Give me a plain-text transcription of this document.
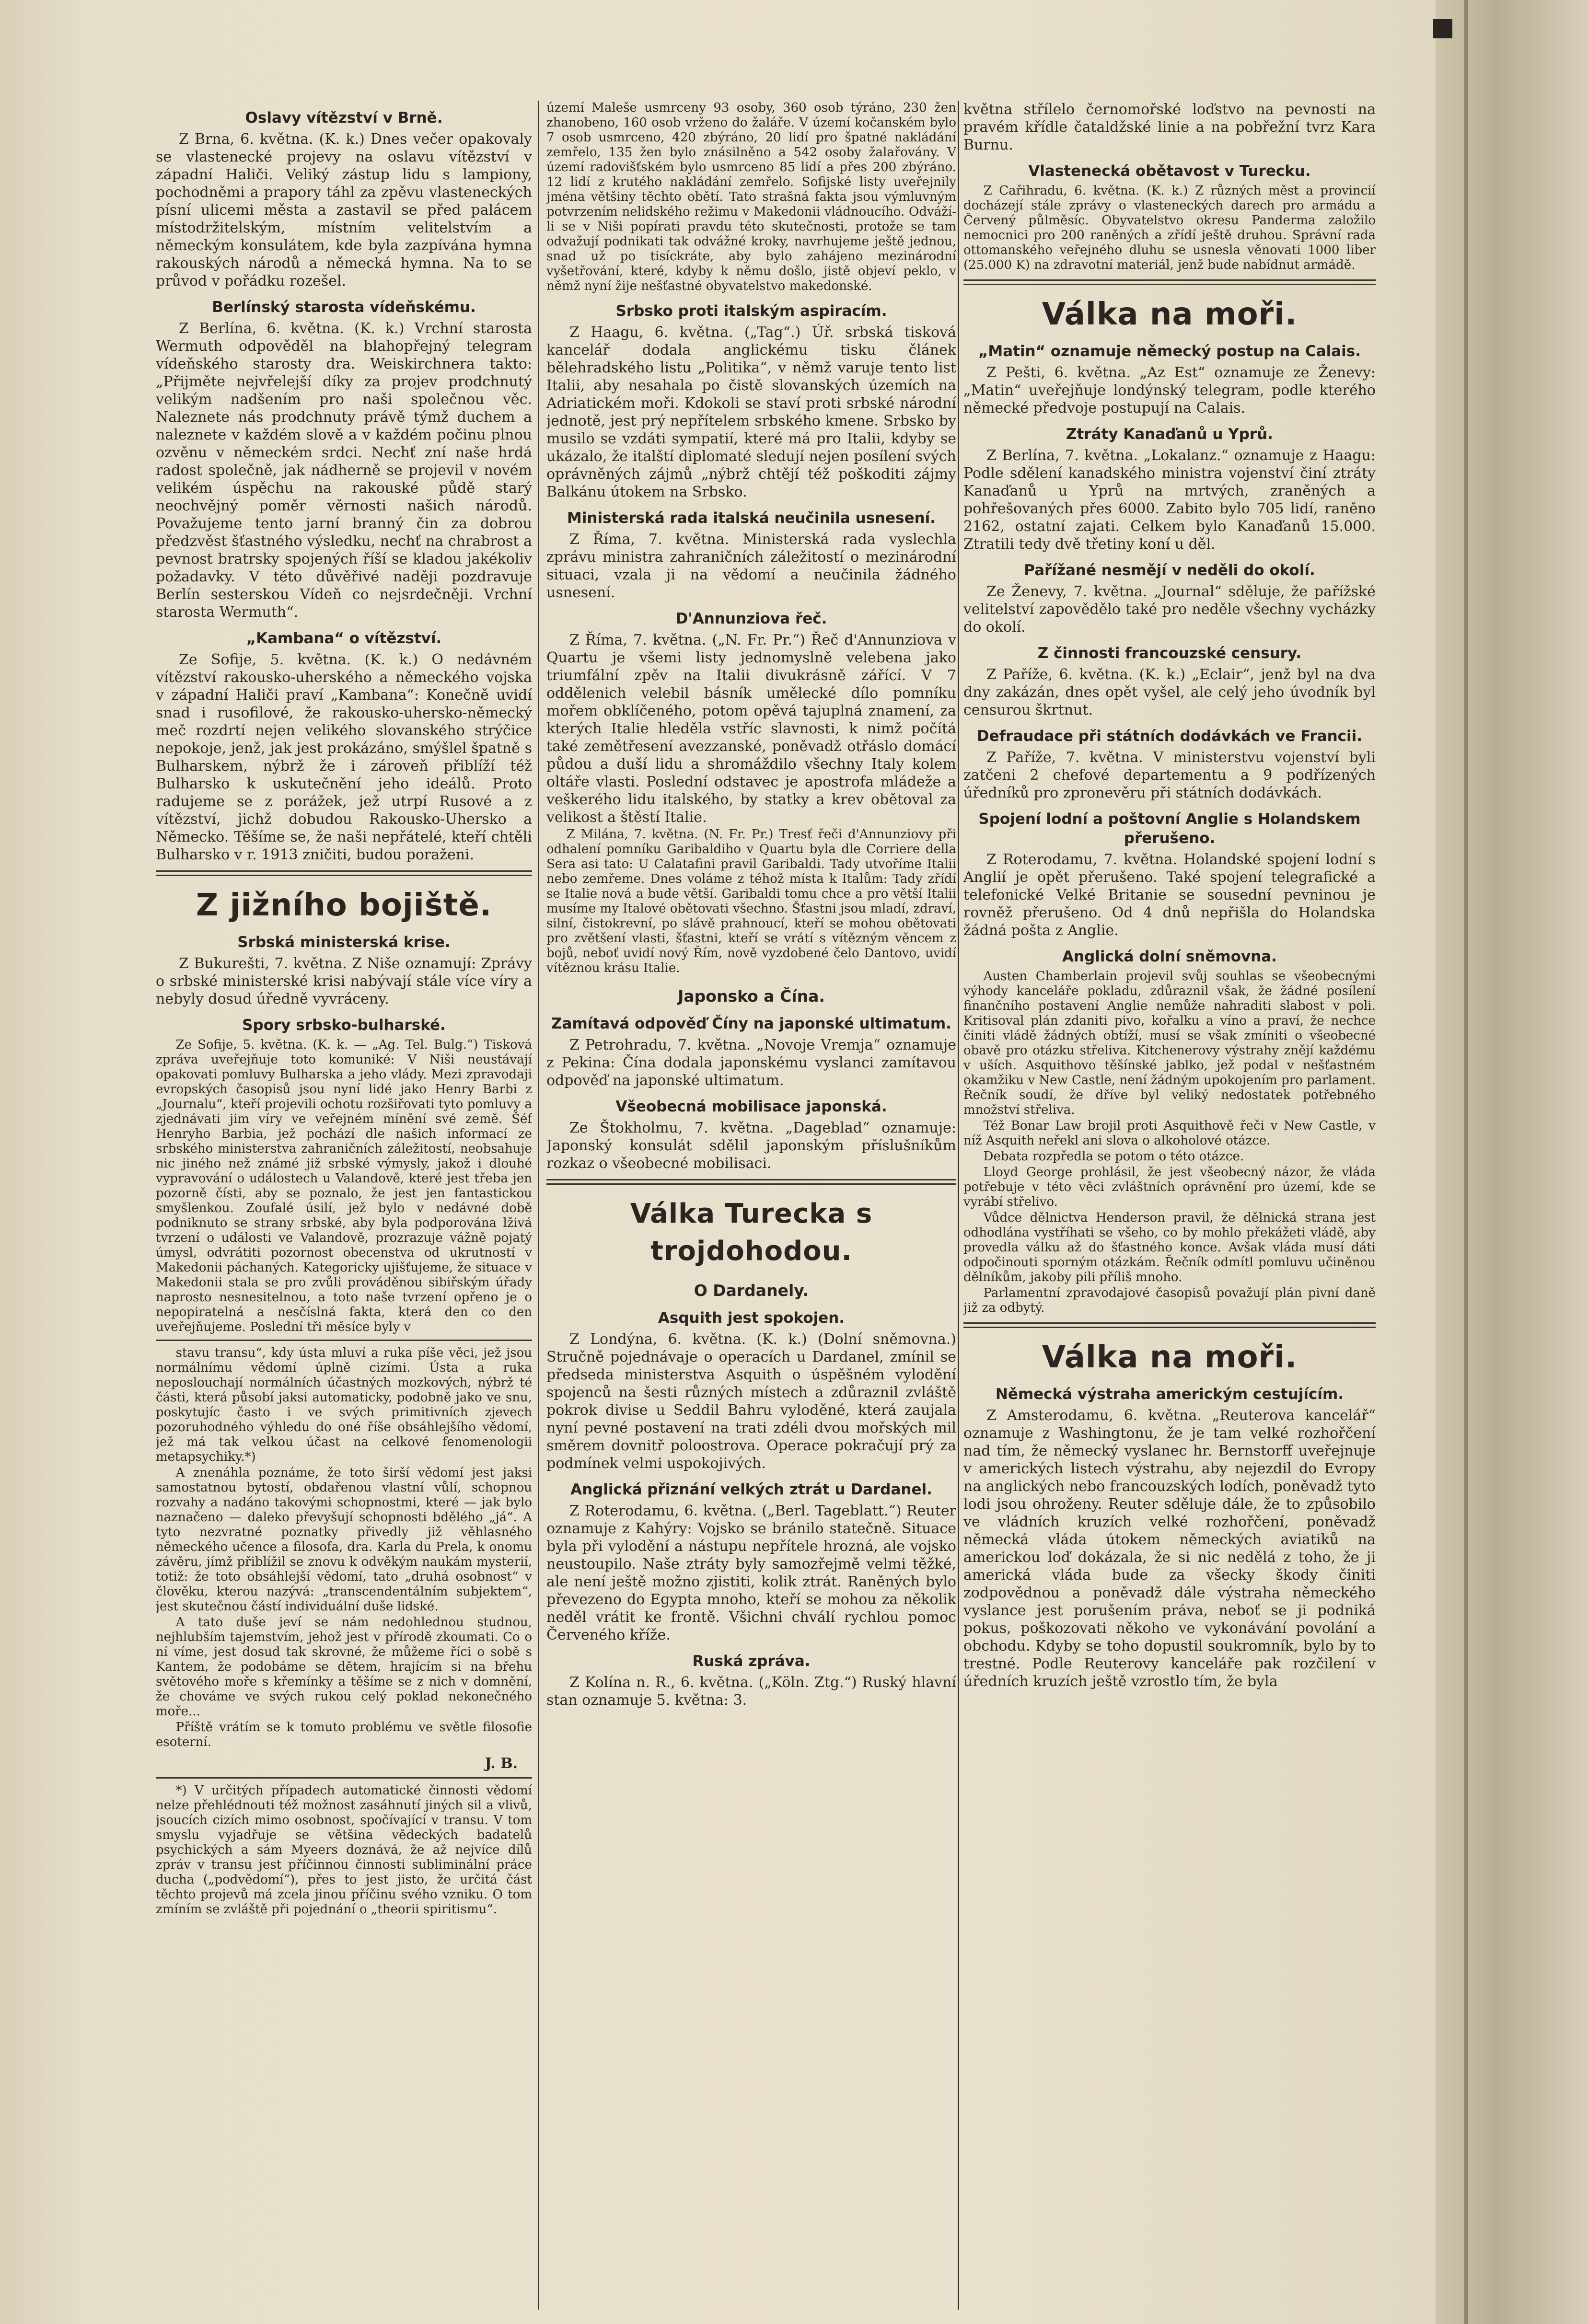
Oslavy vítězství v Brně.

Z Brna, 6. května. (K. k.) Dnes večer opakovaly se vlastenecké projevy na oslavu vítězství v západní Haliči. Veliký zástup lidu s lampiony, pochodněmi a prapory táhl za zpěvu vlasteneckých písní ulicemi města a zastavil se před palácem místodržitelským, místním velitelstvím a německým konsulátem, kde byla zazpívána hymna rakouských národů a německá hymna. Na to se průvod v pořádku rozešel.

Berlínský starosta vídeňskému.

Z Berlína, 6. května. (K. k.) Vrchní starosta Wermuth odpověděl na blahopřejný telegram vídeňského starosty dra. Weiskirchnera takto: „Přijměte nejvřelejší díky za projev prodchnutý velikým nadšením pro naši společnou věc. Naleznete nás prodchnuty právě týmž duchem a naleznete v každém slově a v každém počinu plnou ozvěnu v německém srdci. Nechť zní naše hrdá radost společně, jak nádherně se projevil v novém velikém úspěchu na rakouské půdě starý neochvějný poměr věrnosti našich národů. Považujeme tento jarní branný čin za dobrou předzvěst šťastného výsledku, nechť na chrabrost a pevnost bratrsky spojených říší se kladou jakékoliv požadavky. V této důvěřivé naději pozdravuje Berlín sesterskou Vídeň co nejsrdečněji. Vrchní starosta Wermuth“.

„Kambana“ o vítězství.

Ze Sofije, 5. května. (K. k.) O nedávném vítězství rakousko-uherského a německého vojska v západní Haliči praví „Kambana“: Konečně uvidí snad i rusofilové, že rakousko-uhersko-německý meč rozdrtí nejen velikého slovanského strýčice nepokoje, jenž, jak jest prokázáno, smýšlel špatně s Bulharskem, nýbrž že i zároveň přiblíží též Bulharsko k uskutečnění jeho ideálů. Proto radujeme se z porážek, jež utrpí Rusové a z vítězství, jichž dobudou Rakousko-Uhersko a Německo. Těšíme se, že naši nepřátelé, kteří chtěli Bulharsko v r. 1913 zničiti, budou poraženi.

Z jižního bojiště.
Srbská ministerská krise.

Z Bukurešti, 7. května. Z Niše oznamují: Zprávy o srbské ministerské krisi nabývají stále více víry a nebyly dosud úředně vyvráceny.

Spory srbsko-bulharské.

Ze Sofije, 5. května. (K. k. — „Ag. Tel. Bulg.“) Tisková zpráva uveřejňuje toto komuniké: V Niši neustávají opakovati pomluvy Bulharska a jeho vlády. Mezi zpravodaji evropských časopisů jsou nyní lidé jako Henry Barbi z „Journalu“, kteří projevili ochotu rozšiřovati tyto pomluvy a zjednávati jim víry ve veřejném mínění své země. Šéf Henryho Barbia, jež pochází dle našich informací ze srbského ministerstva zahraničních záležitostí, neobsahuje nic jiného než známé již srbské výmysly, jakož i dlouhé vypravování o událostech u Valandově, které jest třeba jen pozorně čísti, aby se poznalo, že jest jen fantastickou smyšlenkou. Zoufalé úsilí, jež bylo v nedávné době podniknuto se strany srbské, aby byla podporována lživá tvrzení o události ve Valandově, prozrazuje vážně pojatý úmysl, odvrátiti pozornost obecenstva od ukrutností v Makedonii páchaných. Kategoricky ujišťujeme, že situace v Makedonii stala se pro zvůli prováděnou sibiřským úřady naprosto nesnesitelnou, a toto naše tvrzení opřeno je o nepopiratelná a nesčíslná fakta, která den co den uveřejňujeme. Poslední tři měsíce byly v

stavu transu“, kdy ústa mluví a ruka píše věci, jež jsou normálnímu vědomí úplně cizími. Ústa a ruka neposlouchají normálních účastných mozkových, nýbrž té části, která působí jaksi automaticky, podobně jako ve snu, poskytujíc často i ve svých primitivních zjevech pozoruhodného výhledu do oné říše obsáhlejšího vědomí, jež má tak velkou účast na celkové fenomenologii metapsychiky.*)

A znenáhla poznáme, že toto širší vědomí jest jaksi samostatnou bytostí, obdařenou vlastní vůlí, schopnou rozvahy a nadáno takovými schopnostmi, které — jak bylo naznačeno — daleko převyšují schopnosti bdělého „já“. A tyto nezvratné poznatky přivedly již věhlasného německého učence a filosofa, dra. Karla du Prela, k onomu závěru, jímž přiblížil se znovu k odvěkým naukám mysterií, totiž: že toto obsáhlejší vědomí, tato „druhá osobnost“ v člověku, kterou nazývá: „transcendentálním subjektem“, jest skutečnou částí individuální duše lidské.

A tato duše jeví se nám nedohlednou studnou, nejhlubším tajemstvím, jehož jest v přírodě zkoumati. Co o ní víme, jest dosud tak skrovné, že můžeme říci o sobě s Kantem, že podobáme se dětem, hrajícím si na břehu světového moře s křemínky a těšíme se z nich v domnění, že chováme ve svých rukou celý poklad nekonečného moře...

Příště vrátím se k tomuto problému ve světle filosofie esoterní.

J. B.

*) V určitých případech automatické činnosti vědomí nelze přehlédnouti též možnost zasáhnutí jiných sil a vlivů, jsoucích cizích mimo osobnost, spočívající v transu. V tom smyslu vyjadřuje se většina vědeckých badatelů psychických a sám Myeers doznává, že až nejvíce dílů zpráv v transu jest příčinnou činnosti subliminální práce ducha („podvědomí“), přes to jest jisto, že určitá část těchto projevů má zcela jinou příčinu svého vzniku. O tom zmíním se zvláště při pojednání o „theorii spiritismu“.

území Maleše usmrceny 93 osoby, 360 osob týráno, 230 žen zhanobeno, 160 osob vrženo do žaláře. V území kočanském bylo 7 osob usmrceno, 420 zbýráno, 20 lidí pro špatné nakládání zemřelo, 135 žen bylo znásilněno a 542 osoby žalařovány. V území radovišťském bylo usmrceno 85 lidí a přes 200 zbýráno. 12 lidí z krutého nakládání zemřelo. Sofijské listy uveřejnily jména většiny těchto obětí. Tato strašná fakta jsou výmluvným potvrzením nelidského režimu v Makedonii vládnoucího. Odváží-li se v Niši popírati pravdu této skutečnosti, protože se tam odvažují podnikati tak odvážné kroky, navrhujeme ještě jednou, snad už po tisíckráte, aby bylo zahájeno mezinárodní vyšetřování, které, kdyby k němu došlo, jistě objeví peklo, v němž nyní žije nešťastné obyvatelstvo makedonské.

Srbsko proti italským aspiracím.

Z Haagu, 6. května. („Tag“.) Úř. srbská tisková kancelář dodala anglickému tisku článek bělehradského listu „Politika“, v němž varuje tento list Italii, aby nesahala po čistě slovanských územích na Adriatickém moři. Kdokoli se staví proti srbské národní jednotě, jest prý nepřítelem srbského kmene. Srbsko by musilo se vzdáti sympatií, které má pro Italii, kdyby se ukázalo, že italští diplomaté sledují nejen posílení svých oprávněných zájmů „nýbrž chtějí též poškoditi zájmy Balkánu útokem na Srbsko.

Ministerská rada italská neučinila usnesení.

Z Říma, 7. května. Ministerská rada vyslechla zprávu ministra zahraničních záležitostí o mezinárodní situaci, vzala ji na vědomí a neučinila žádného usnesení.

D'Annunziova řeč.

Z Říma, 7. května. („N. Fr. Pr.“) Řeč d'Annunziova v Quartu je všemi listy jednomyslně velebena jako triumfální zpěv na Italii divukrásně zářící. V 7 oddělenich velebil básník umělecké dílo pomníku mořem obklíčeného, potom opěvá tajuplná znamení, za kterých Italie hleděla vstříc slavnosti, k nimž počítá také zemětřesení avezzanské, poněvadž otřáslo domácí půdou a duší lidu a shromáždilo všechny Italy kolem oltáře vlasti. Poslední odstavec je apostrofa mládeže a veškerého lidu italského, by statky a krev obětoval za velikost a štěstí Italie.

Z Milána, 7. května. (N. Fr. Pr.) Tresť řeči d'Annunziovy při odhalení pomníku Garibaldiho v Quartu byla dle Corriere della Sera asi tato: U Calatafini pravil Garibaldi. Tady utvoříme Italii nebo zemřeme. Dnes voláme z téhož místa k Italům: Tady zřídí se Italie nová a bude větší. Garibaldi tomu chce a pro větší Italii musíme my Italové obětovati všechno. Šťastni jsou mladí, zdraví, silní, čistokrevní, po slávě prahnoucí, kteří se mohou obětovati pro zvětšení vlasti, šťastni, kteří se vrátí s vítězným věncem z bojů, neboť uvidí nový Řím, nově vyzdobené čelo Dantovo, uvidí vítěznou krásu Italie.

Japonsko a Čína.
Zamítavá odpověď Číny na japonské ultimatum.

Z Petrohradu, 7. května. „Novoje Vremja“ oznamuje z Pekina: Čína dodala japonskému vyslanci zamítavou odpověď na japonské ultimatum.

Všeobecná mobilisace japonská.

Ze Štokholmu, 7. května. „Dageblad“ oznamuje: Japonský konsulát sdělil japonským příslušníkům rozkaz o všeobecné mobilisaci.

Válka Turecka s trojdohodou.
O Dardanely.
Asquith jest spokojen.

Z Londýna, 6. května. (K. k.) (Dolní sněmovna.) Stručně pojednávaje o operacích u Dardanel, zmínil se předseda ministerstva Asquith o úspěšném vylodění spojenců na šesti různých místech a zdůraznil zvláště pokrok divise u Seddil Bahru vyloděné, která zaujala nyní pevné postavení na trati zdéli dvou mořských mil směrem dovnitř poloostrova. Operace pokračují prý za podmínek velmi uspokojivých.

Anglická přiznání velkých ztrát u Dardanel.

Z Roterodamu, 6. května. („Berl. Tageblatt.“) Reuter oznamuje z Kahýry: Vojsko se bránilo statečně. Situace byla při vylodění a nástupu nepřítele hrozná, ale vojsko neustoupilo. Naše ztráty byly samozřejmě velmi těžké, ale není ještě možno zjistiti, kolik ztrát. Raněných bylo převezeno do Egypta mnoho, kteří se mohou za několik neděl vrátit ke frontě. Všichni chválí rychlou pomoc Červeného kříže.

Ruská zpráva.

Z Kolína n. R., 6. května. („Köln. Ztg.“) Ruský hlavní stan oznamuje 5. května: 3.

května střílelo černomořské loďstvo na pevnosti na pravém křídle čataldžské linie a na pobřežní tvrz Kara Burnu.

Vlastenecká obětavost v Turecku.

Z Cařihradu, 6. května. (K. k.) Z různých měst a provincií docházejí stále zprávy o vlasteneckých darech pro armádu a Červený půlměsíc. Obyvatelstvo okresu Panderma založilo nemocnici pro 200 raněných a zřídí ještě druhou. Správní rada ottomanského veřejného dluhu se usnesla věnovati 1000 liber (25.000 K) na zdravotní materiál, jenž bude nabídnut armádě.

Válka na moři.
„Matin“ oznamuje německý postup na Calais.

Z Pešti, 6. května. „Az Est“ oznamuje ze Ženevy: „Matin“ uveřejňuje londýnský telegram, podle kterého německé předvoje postupují na Calais.

Ztráty Kanaďanů u Yprů.

Z Berlína, 7. května. „Lokalanz.“ oznamuje z Haagu: Podle sdělení kanadského ministra vojenství činí ztráty Kanaďanů u Yprů na mrtvých, zraněných a pohřešovaných přes 6000. Zabito bylo 705 lidí, raněno 2162, ostatní zajati. Celkem bylo Kanaďanů 15.000. Ztratili tedy dvě třetiny koní u děl.

Pařížané nesmějí v neděli do okolí.

Ze Ženevy, 7. května. „Journal“ sděluje, že pařížské velitelství zapovědělo také pro neděle všechny vycházky do okolí.

Z činnosti francouzské censury.

Z Paříže, 6. května. (K. k.) „Eclair“, jenž byl na dva dny zakázán, dnes opět vyšel, ale celý jeho úvodník byl censurou škrtnut.

Defraudace při státních dodávkách ve Francii.

Z Paříže, 7. května. V ministerstvu vojenství byli zatčeni 2 chefové departementu a 9 podřízených úředníků pro zpronevěru při státních dodávkách.

Spojení lodní a poštovní Anglie s Holandskem přerušeno.

Z Roterodamu, 7. května. Holandské spojení lodní s Anglií je opět přerušeno. Také spojení telegrafické a telefonické Velké Britanie se sousední pevninou je rovněž přerušeno. Od 4 dnů nepřišla do Holandska žádná pošta z Anglie.

Anglická dolní sněmovna.

Austen Chamberlain projevil svůj souhlas se všeobecnými výhody kanceláře pokladu, zdůraznil však, že žádné posílení finančního postavení Anglie nemůže nahraditi slabost v poli. Kritisoval plán zdaniti pivo, kořalku a víno a praví, že nechce činiti vládě žádných obtíží, musí se však zmíniti o všeobecné obavě pro otázku střeliva. Kitchenerovy výstrahy znějí každému v uších. Asquithovo těšínské jablko, jež podal v nešťastném okamžiku v New Castle, není žádným upokojením pro parlament. Řečník soudí, že dříve byl veliký nedostatek potřebného množství střeliva.

Též Bonar Law brojil proti Asquithově řeči v New Castle, v níž Asquith neřekl ani slova o alkoholové otázce.

Debata rozpředla se potom o této otázce.

Lloyd George prohlásil, že jest všeobecný názor, že vláda potřebuje v této věci zvláštních oprávnění pro území, kde se vyrábí střelivo.

Vůdce dělnictva Henderson pravil, že dělnická strana jest odhodlána vystříhati se všeho, co by mohlo překážeti vládě, aby provedla válku až do šťastného konce. Avšak vláda musí dáti odpočinouti sporným otázkám. Řečník odmítl pomluvu učiněnou dělníkům, jakoby pili příliš mnoho.

Parlamentní zpravodajové časopisů považují plán pivní daně již za odbytý.

Válka na moři.
Německá výstraha americkým cestujícím.

Z Amsterodamu, 6. května. „Reuterova kancelář“ oznamuje z Washingtonu, že je tam velké rozhořčení nad tím, že německý vyslanec hr. Bernstorff uveřejnuje v amerických listech výstrahu, aby nejezdil do Evropy na anglických nebo francouzských lodích, poněvadž tyto lodi jsou ohroženy. Reuter sděluje dále, že to způsobilo ve vládních kruzích velké rozhořčení, poněvadž německá vláda útokem německých aviatiků na americkou loď dokázala, že si nic nedělá z toho, že ji americká vláda bude za všecky škody činiti zodpovědnou a poněvadž dále výstraha německého vyslance jest porušením práva, neboť se ji podniká pokus, poškozovati někoho ve vykonávání povolání a obchodu. Kdyby se toho dopustil soukromník, bylo by to trestné. Podle Reuterovy kanceláře pak rozčilení v úředních kruzích ještě vzrostlo tím, že byla
